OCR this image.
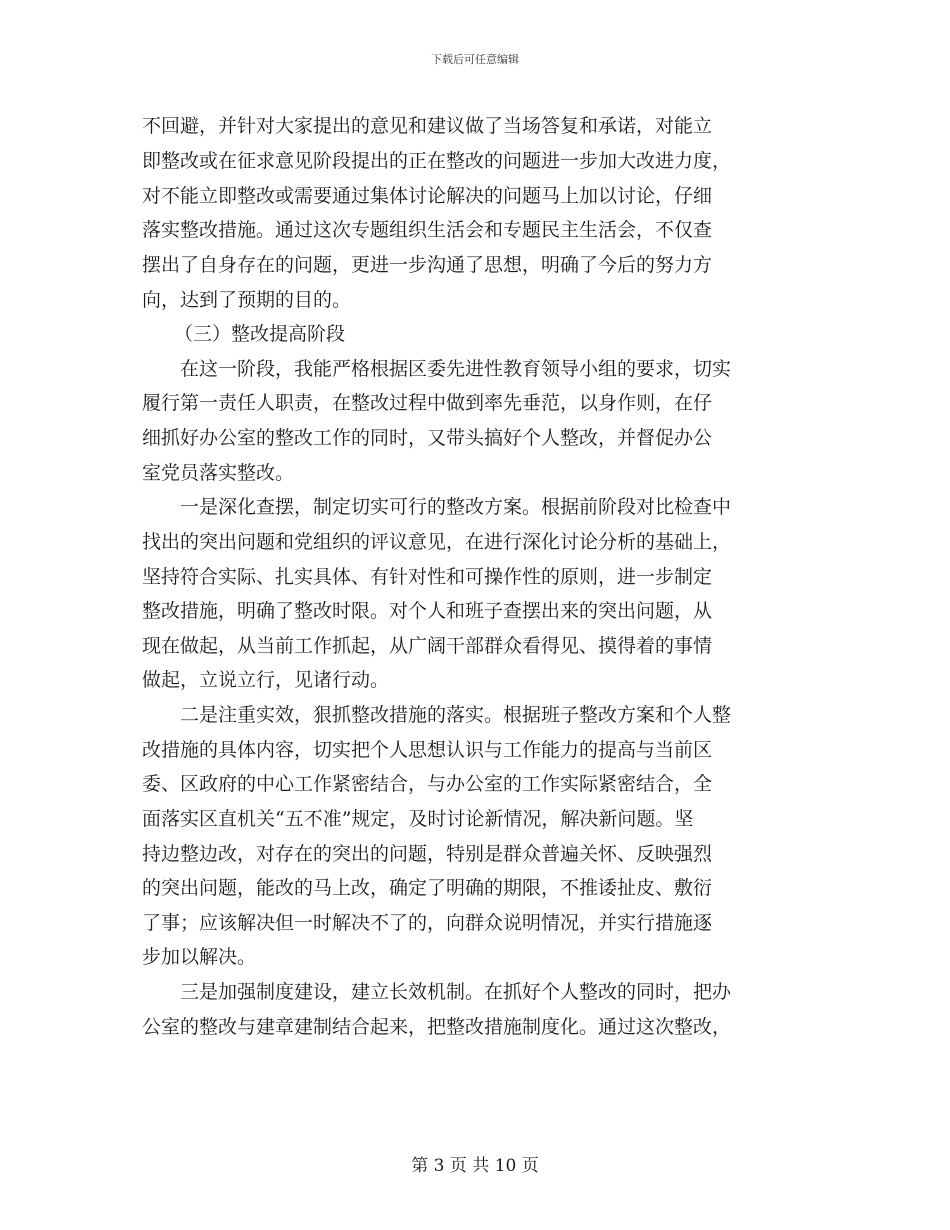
下载后可任意编辑
不回避，并针对大家提出的意见和建议做了当场答复和承诺，对能立
即整改或在征求意见阶段提出的正在整改的问题进一步加大改进力度，
对不能立即整改或需要通过集体讨论解决的问题马上加以讨论，仔细
落实整改措施。通过这次专题组织生活会和专题民主生活会，不仅查
摆出了自身存在的问题，更进一步沟通了思想，明确了今后的努力方
向，达到了预期的目的。
（三）整改提高阶段
在这一阶段，我能严格根据区委先进性教育领导小组的要求，切实
履行第一责任人职责，在整改过程中做到率先垂范，以身作则，在仔
细抓好办公室的整改工作的同时，又带头搞好个人整改，并督促办公
室党员落实整改。
一是深化查摆，制定切实可行的整改方案。根据前阶段对比检查中
找出的突出问题和党组织的评议意见，在进行深化讨论分析的基础上，
坚持符合实际、扎实具体、有针对性和可操作性的原则，进一步制定
整改措施，明确了整改时限。对个人和班子查摆出来的突出问题，从
现在做起，从当前工作抓起，从广阔干部群众看得见、摸得着的事情
做起，立说立行，见诸行动。
二是注重实效，狠抓整改措施的落实。根据班子整改方案和个人整
改措施的具体内容，切实把个人思想认识与工作能力的提高与当前区
委、区政府的中心工作紧密结合，与办公室的工作实际紧密结合，全
面落实区直机关“五不准”规定，及时讨论新情况，解决新问题。坚
持边整边改，对存在的突出的问题，特别是群众普遍关怀、反映强烈
的突出问题，能改的马上改，确定了明确的期限，不推诿扯皮、敷衍
了事；应该解决但一时解决不了的，向群众说明情况，并实行措施逐
步加以解决。
三是加强制度建设，建立长效机制。在抓好个人整改的同时，把办
公室的整改与建章建制结合起来，把整改措施制度化。通过这次整改，
第 3 页 共 10 页
